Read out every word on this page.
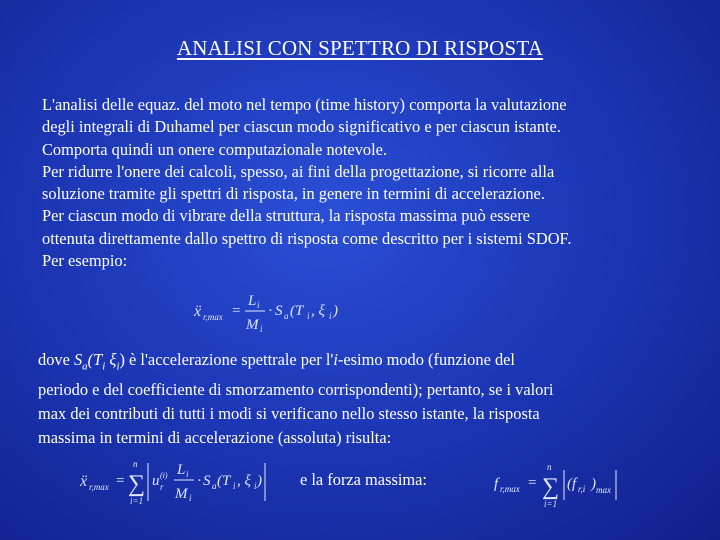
ANALISI CON SPETTRO DI RISPOSTA

L'analisi delle equaz. del moto nel tempo (time history) comporta la valutazione

degli integrali di Duhamel per ciascun modo significativo e per ciascun istante.

Comporta quindi un onere computazionale notevole.

Per ridurre l'onere dei calcoli, spesso, ai fini della progettazione, si ricorre alla

soluzione tramite gli spettri di risposta, in genere in termini di accelerazione.

Per ciascun modo di vibrare della struttura, la risposta massima può essere

ottenuta direttamente dallo spettro di risposta come descritto per i sistemi SDOF.

Per esempio:

ẍ r,max =
L i
M i
· S a (T i , ξ i )
dove $S_a(T_i$ $\xi_i$) è l'accelerazione spettrale per l'i-esimo modo (funzione del
periodo e del coefficiente di smorzamento corrispondenti); pertanto, se i valori
max dei contributi di tutti i modi si verificano nello stesso istante, la risposta
massima in termini di accelerazione (assoluta) risulta:
ẍ r,max =
n
∑
i=1
u (i)
r
L i
M i
· S a (T i , ξ i ) e la forza massima:	f r,max =
n
∑
i=1
(f r,i ) max
